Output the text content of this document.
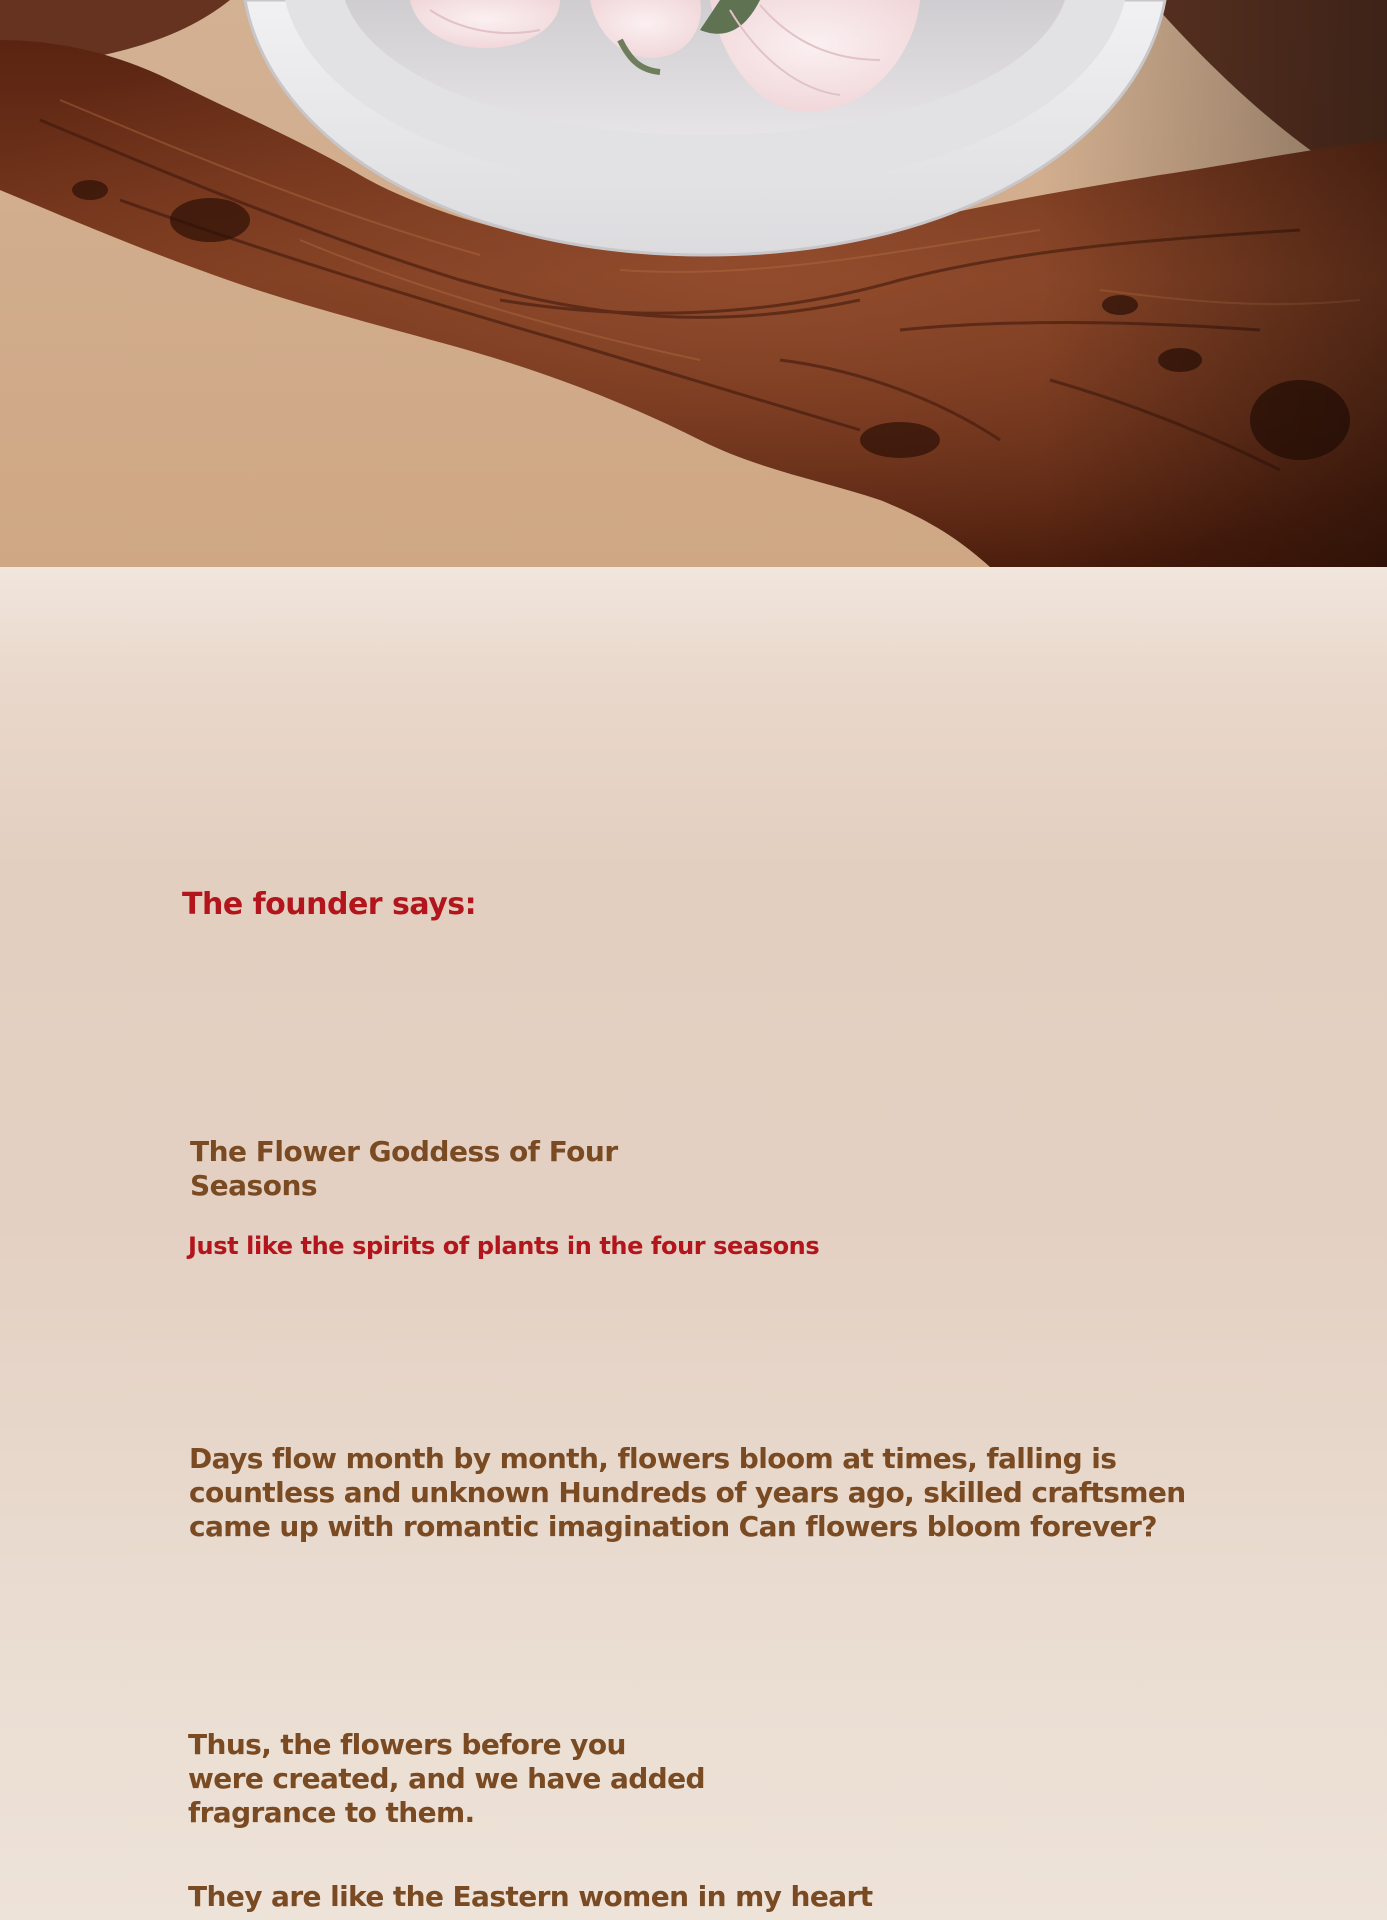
The founder says:
The Flower Goddess of Four Seasons

Just like the spirits of plants in the four seasons

Days flow month by month, flowers bloom at times, falling is countless and unknown Hundreds of years ago, skilled craftsmen came up with romantic imagination Can flowers bloom forever?

Thus, the flowers before you were created, and we have added fragrance to them.

They are like the Eastern women in my heart
